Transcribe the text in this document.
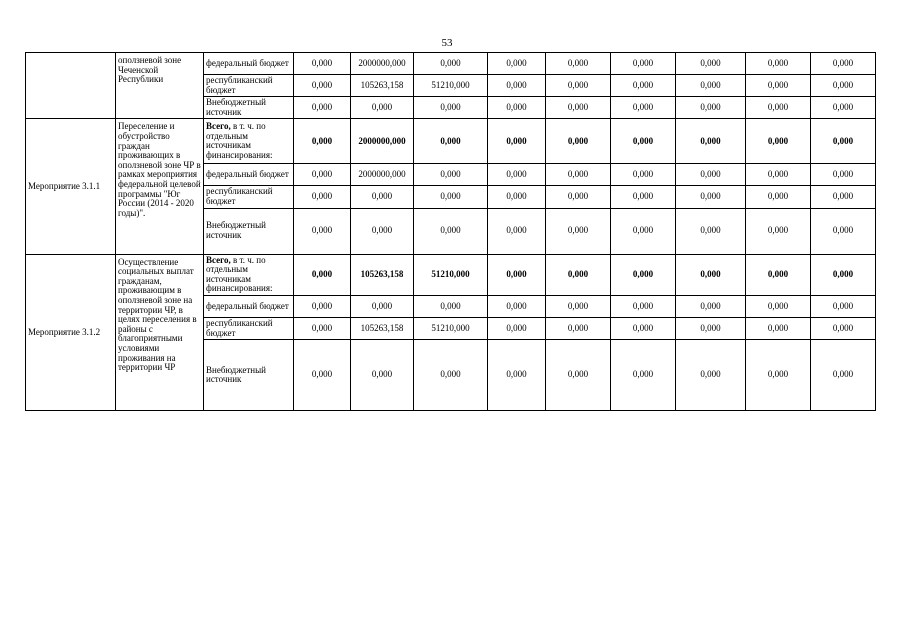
53
	оползневой зоне Чеченской Республики	федеральный бюджет	0,000	2000000,000	0,000	0,000	0,000	0,000	0,000	0,000	0,000
		республиканский бюджет	0,000	105263,158	51210,000	0,000	0,000	0,000	0,000	0,000	0,000
		Внебюджетный источник	0,000	0,000	0,000	0,000	0,000	0,000	0,000	0,000	0,000
Мероприятие 3.1.1	Переселение и обустройство граждан проживающих в оползневой зоне ЧР в рамках мероприятия федеральной целевой программы "Юг России (2014 - 2020 годы)".	Всего, в т. ч. по отдельным источникам финансирования:	0,000	2000000,000	0,000	0,000	0,000	0,000	0,000	0,000	0,000
		федеральный бюджет	0,000	2000000,000	0,000	0,000	0,000	0,000	0,000	0,000	0,000
		республиканский бюджет	0,000	0,000	0,000	0,000	0,000	0,000	0,000	0,000	0,000
		Внебюджетный источник	0,000	0,000	0,000	0,000	0,000	0,000	0,000	0,000	0,000
Мероприятие 3.1.2	Осуществление социальных выплат гражданам, проживающим в оползневой зоне на территории ЧР, в целях переселения в районы с благоприятными условиями проживания на территории ЧР	Всего, в т. ч. по отдельным источникам финансирования:	0,000	105263,158	51210,000	0,000	0,000	0,000	0,000	0,000	0,000
		федеральный бюджет	0,000	0,000	0,000	0,000	0,000	0,000	0,000	0,000	0,000
		республиканский бюджет	0,000	105263,158	51210,000	0,000	0,000	0,000	0,000	0,000	0,000
		Внебюджетный источник	0,000	0,000	0,000	0,000	0,000	0,000	0,000	0,000	0,000
